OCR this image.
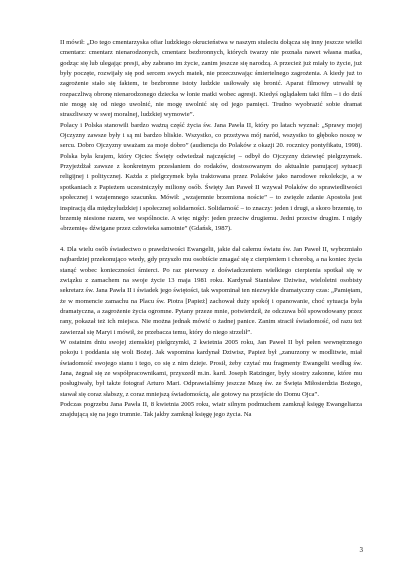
II mówił: „Do tego cmentarzyska ofiar ludzkiego okrucieństwa w naszym stuleciu dołącza się inny jeszcze wielki cmentarz: cmentarz nienarodzonych, cmentarz bezbronnych, których twarzy nie poznała nawet własna matka, godząc się lub ulegając presji, aby zabrano im życie, zanim jeszcze się narodzą. A przecież już miały to życie, już były poczęte, rozwijały się pod sercem swych matek, nie przeczuwając śmiertelnego zagrożenia. A kiedy już to zagrożenie stało się faktem, te bezbronne istoty ludzkie usiłowały się bronić. Aparat filmowy utrwalił tę rozpaczliwą obronę nienarodzonego dziecka w łonie matki wobec agresji. Kiedyś oglądałem taki film – i do dziś nie mogę się od niego uwolnić, nie mogę uwolnić się od jego pamięci. Trudno wyobrazić sobie dramat straszliwszy w swej moralnej, ludzkiej wymowie”.

Polacy i Polska stanowili bardzo ważną część życia św. Jana Pawła II, który po latach wyznał: „Sprawy mojej Ojczyzny zawsze były i są mi bardzo bliskie. Wszystko, co przeżywa mój naród, wszystko to głęboko noszę w sercu. Dobro Ojczyzny uważam za moje dobro” (audiencja do Polaków z okazji 20. rocznicy pontyfikatu, 1998). Polska była krajem, który Ojciec Święty odwiedzał najczęściej – odbył do Ojczyzny dziewięć pielgrzymek. Przyjeżdżał zawsze z konkretnym przesłaniem do rodaków, dostosowanym do aktualnie panującej sytuacji religijnej i politycznej. Każda z pielgrzymek była traktowana przez Polaków jako narodowe rekolekcje, a w spotkaniach z Papieżem uczestniczyły miliony osób. Święty Jan Paweł II wzywał Polaków do sprawiedliwości społecznej i wzajemnego szacunku. Mówił: „wzajemnie brzemiona noście” – to zwięzłe zdanie Apostoła jest inspiracją dla międzyludzkiej i społecznej solidarności. Solidarność – to znaczy: jeden i drugi, a skoro brzemię, to brzemię niesione razem, we wspólnocie. A więc nigdy: jeden przeciw drugiemu. Jedni przeciw drugim. I nigdy «brzemię» dźwigane przez człowieka samotnie” (Gdańsk, 1987).

4. Dla wielu osób świadectwo o prawdziwości Ewangelii, jakie dał całemu światu św. Jan Paweł II, wybrzmiało najbardziej przekonująco wtedy, gdy przyszło mu osobiście zmagać się z cierpieniem i chorobą, a na koniec życia stanąć wobec konieczności śmierci. Po raz pierwszy z doświadczeniem wielkiego cierpienia spotkał się w związku z zamachem na swoje życie 13 maja 1981 roku. Kardynał Stanisław Dziwisz, wieloletni osobisty sekretarz św. Jana Pawła II i świadek jego świętości, tak wspominał ten niezwykle dramatyczny czas: „Pamiętam, że w momencie zamachu na Placu św. Piotra [Papież] zachował duży spokój i opanowanie, choć sytuacja była dramatyczna, a zagrożenie życia ogromne. Pytany przeze mnie, potwierdził, że odczuwa ból spowodowany przez rany, pokazał też ich miejsca. Nie można jednak mówić o żadnej panice. Zanim stracił świadomość, od razu też zawierzał się Maryi i mówił, że przebacza temu, który do niego strzelił”.

W ostatnim dniu swojej ziemskiej pielgrzymki, 2 kwietnia 2005 roku, Jan Paweł II był pełen wewnętrznego pokoju i poddania się woli Bożej. Jak wspomina kardynał Dziwisz, Papież był „zanurzony w modlitwie, miał świadomość swojego stanu i tego, co się z nim dzieje. Prosił, żeby czytać mu fragmenty Ewangelii według św. Jana, żegnał się ze współpracownikami, przyszedł m.in. kard. Joseph Ratzinger, były siostry zakonne, które mu posługiwały, był także fotograf Arturo Mari. Odprawialiśmy jeszcze Mszę św. ze Święta Miłosierdzia Bożego, stawał się coraz słabszy, z coraz mniejszą świadomością, ale gotowy na przejście do Domu Ojca”.

Podczas pogrzebu Jana Pawła II, 8 kwietnia 2005 roku, wiatr silnym podmuchem zamknął księgę Ewangeliarza znajdującą się na jego trumnie. Tak jakby zamknął księgę jego życia. Na

3
